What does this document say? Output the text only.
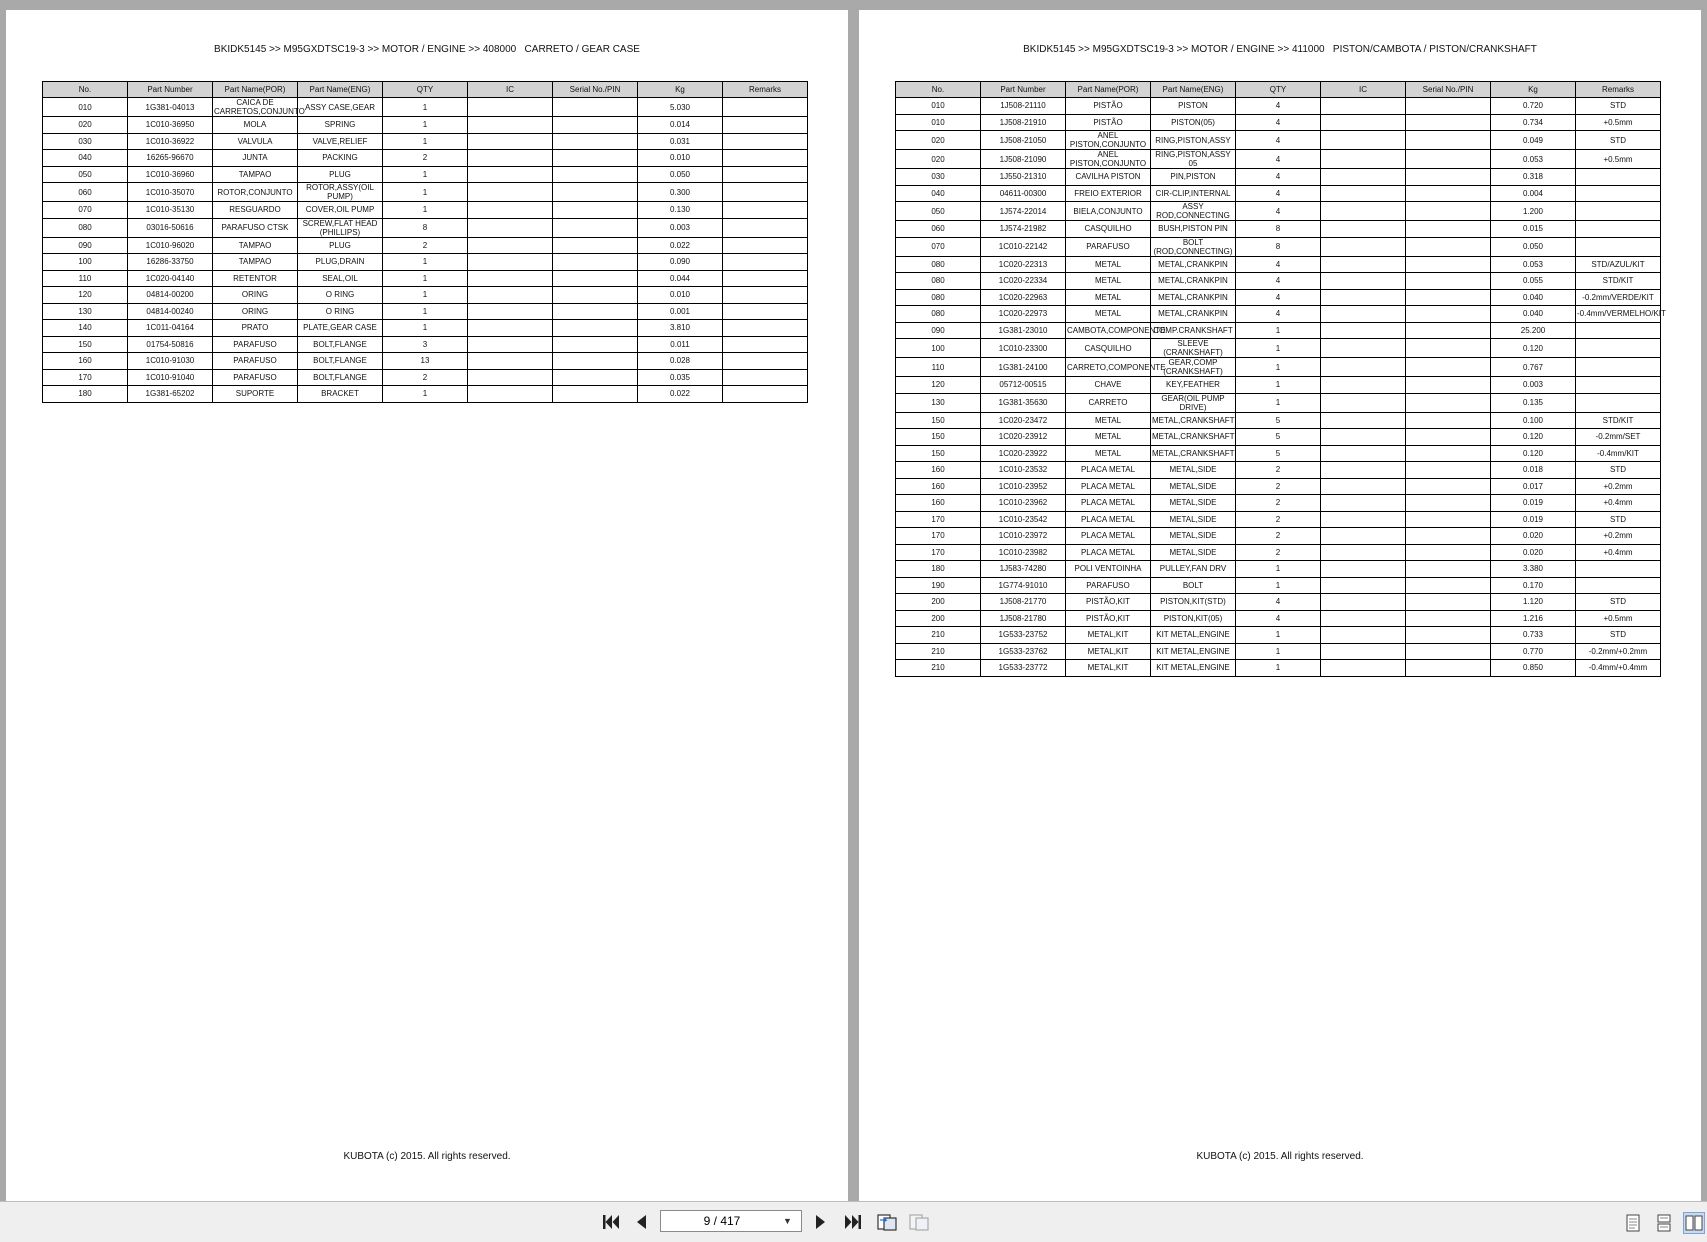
BKIDK5145 >> M95GXDTSC19-3 >> MOTOR / ENGINE >> 408000   CARRETO / GEAR CASE
No.	Part Number	Part Name(POR)	Part Name(ENG)	QTY	IC	Serial No./PIN	Kg	Remarks
010	1G381-04013	CAICA DE CARRETOS,CONJUNTO	ASSY CASE,GEAR	1			5.030	
020	1C010-36950	MOLA	SPRING	1			0.014	
030	1C010-36922	VALVULA	VALVE,RELIEF	1			0.031	
040	16265-96670	JUNTA	PACKING	2			0.010	
050	1C010-36960	TAMPAO	PLUG	1			0.050	
060	1C010-35070	ROTOR,CONJUNTO	ROTOR,ASSY(OIL PUMP)	1			0.300	
070	1C010-35130	RESGUARDO	COVER,OIL PUMP	1			0.130	
080	03016-50616	PARAFUSO CTSK	SCREW,FLAT HEAD (PHILLIPS)	8			0.003	
090	1C010-96020	TAMPAO	PLUG	2			0.022	
100	16286-33750	TAMPAO	PLUG,DRAIN	1			0.090	
110	1C020-04140	RETENTOR	SEAL,OIL	1			0.044	
120	04814-00200	ORING	O RING	1			0.010	
130	04814-00240	ORING	O RING	1			0.001	
140	1C011-04164	PRATO	PLATE,GEAR CASE	1			3.810	
150	01754-50816	PARAFUSO	BOLT,FLANGE	3			0.011	
160	1C010-91030	PARAFUSO	BOLT,FLANGE	13			0.028	
170	1C010-91040	PARAFUSO	BOLT,FLANGE	2			0.035	
180	1G381-65202	SUPORTE	BRACKET	1			0.022	
KUBOTA (c) 2015. All rights reserved.
BKIDK5145 >> M95GXDTSC19-3 >> MOTOR / ENGINE >> 411000   PISTON/CAMBOTA / PISTON/CRANKSHAFT
No.	Part Number	Part Name(POR)	Part Name(ENG)	QTY	IC	Serial No./PIN	Kg	Remarks
010	1J508-21110	PISTÃO	PISTON	4			0.720	STD
010	1J508-21910	PISTÃO	PISTON(05)	4			0.734	+0.5mm
020	1J508-21050	ANEL PISTON,CONJUNTO	RING,PISTON,ASSY	4			0.049	STD
020	1J508-21090	ANEL PISTON,CONJUNTO	RING,PISTON,ASSY 05	4			0.053	+0.5mm
030	1J550-21310	CAVILHA PISTON	PIN,PISTON	4			0.318	
040	04611-00300	FREIO EXTERIOR	CIR-CLIP,INTERNAL	4			0.004	
050	1J574-22014	BIELA,CONJUNTO	ASSY ROD,CONNECTING	4			1.200	
060	1J574-21982	CASQUILHO	BUSH,PISTON PIN	8			0.015	
070	1C010-22142	PARAFUSO	BOLT (ROD,CONNECTING)	8			0.050	
080	1C020-22313	METAL	METAL,CRANKPIN	4			0.053	STD/AZUL/KIT
080	1C020-22334	METAL	METAL,CRANKPIN	4			0.055	STD/KIT
080	1C020-22963	METAL	METAL,CRANKPIN	4			0.040	-0.2mm/VERDE/KIT
080	1C020-22973	METAL	METAL,CRANKPIN	4			0.040	-0.4mm/VERMELHO/KIT
090	1G381-23010	CAMBOTA,COMPONENTE	COMP.CRANKSHAFT	1			25.200	
100	1C010-23300	CASQUILHO	SLEEVE (CRANKSHAFT)	1			0.120	
110	1G381-24100	CARRETO,COMPONENTE	GEAR,COMP (CRANKSHAFT)	1			0.767	
120	05712-00515	CHAVE	KEY,FEATHER	1			0.003	
130	1G381-35630	CARRETO	GEAR(OIL PUMP DRIVE)	1			0.135	
150	1C020-23472	METAL	METAL,CRANKSHAFT	5			0.100	STD/KIT
150	1C020-23912	METAL	METAL,CRANKSHAFT	5			0.120	-0.2mm/SET
150	1C020-23922	METAL	METAL,CRANKSHAFT	5			0.120	-0.4mm/KIT
160	1C010-23532	PLACA METAL	METAL,SIDE	2			0.018	STD
160	1C010-23952	PLACA METAL	METAL,SIDE	2			0.017	+0.2mm
160	1C010-23962	PLACA METAL	METAL,SIDE	2			0.019	+0.4mm
170	1C010-23542	PLACA METAL	METAL,SIDE	2			0.019	STD
170	1C010-23972	PLACA METAL	METAL,SIDE	2			0.020	+0.2mm
170	1C010-23982	PLACA METAL	METAL,SIDE	2			0.020	+0.4mm
180	1J583-74280	POLI VENTOINHA	PULLEY,FAN DRV	1			3.380	
190	1G774-91010	PARAFUSO	BOLT	1			0.170	
200	1J508-21770	PISTÃO,KIT	PISTON,KIT(STD)	4			1.120	STD
200	1J508-21780	PISTÃO,KIT	PISTON,KIT(05)	4			1.216	+0.5mm
210	1G533-23752	METAL,KIT	KIT METAL,ENGINE	1			0.733	STD
210	1G533-23762	METAL,KIT	KIT METAL,ENGINE	1			0.770	-0.2mm/+0.2mm
210	1G533-23772	METAL,KIT	KIT METAL,ENGINE	1			0.850	-0.4mm/+0.4mm
KUBOTA (c) 2015. All rights reserved.
9 / 417
▼
